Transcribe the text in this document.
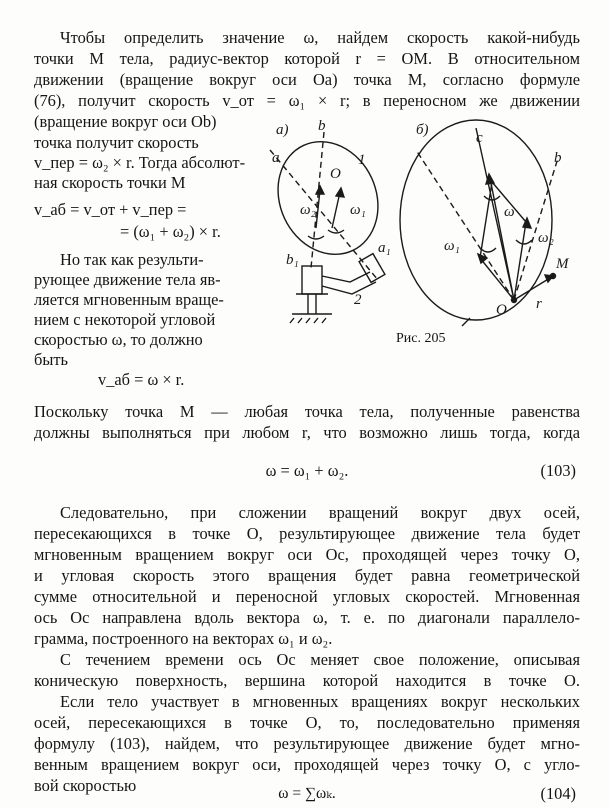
Чтобы определить значение ω, найдем скорость какой-нибудь
точки M тела, радиус-вектор которой r = OM. В относительном
движении (вращение вокруг оси Oa) точка M, согласно формуле
(76), получит скорость v_от = ω₁ × r; в переносном же движении
(вращение вокруг оси Ob)
точка получит скорость
v_пер = ω₂ × r. Тогда абсолют-
ная скорость точки M
v_аб = v_от + v_пер =
= (ω₁ + ω₂) × r.
Но так как результи-
рующее движение тела яв-
ляется мгновенным враще-
нием с некоторой угловой
скоростью ω, то должно
быть
v_аб = ω × r.
а)
a
b
O
1
ω₂ ω₁
b₁
a₁
2
б)	c
b
ω
ω₁	ω₂
M
O r
Рис. 205
Поскольку точка M — любая точка тела, полученные равенства
должны выполняться при любом r, что возможно лишь тогда, когда
ω = ω₁ + ω₂.	(103)
Следовательно, при сложении вращений вокруг двух осей,
пересекающихся в точке O, результирующее движение тела будет
мгновенным вращением вокруг оси Oc, проходящей через точку O,
и угловая скорость этого вращения будет равна геометрической
сумме относительной и переносной угловых скоростей. Мгновенная
ось Oc направлена вдоль вектора ω, т. е. по диагонали параллело-
грамма, построенного на векторах ω₁ и ω₂.
С течением времени ось Oc меняет свое положение, описывая
коническую поверхность, вершина которой находится в точке O.
Если тело участвует в мгновенных вращениях вокруг нескольких
осей, пересекающихся в точке O, то, последовательно применяя
формулу (103), найдем, что результирующее движение будет мгно-
венным вращением вокруг оси, проходящей через точку O, с угло-
вой скоростью	ω = ∑ωₖ.	(104)
